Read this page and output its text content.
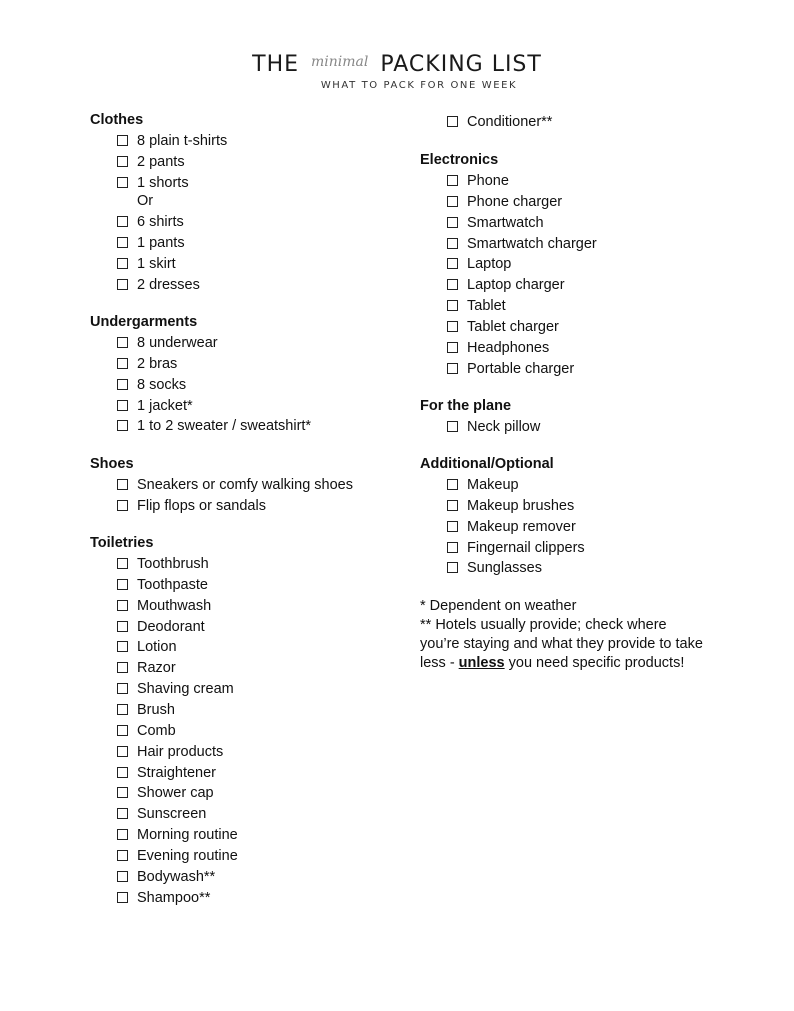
THE $^{minimal}$ PACKING LIST
WHAT TO PACK FOR ONE WEEK
Clothes
8 plain t-shirts
2 pants
1 shorts
Or
6 shirts
1 pants
1 skirt
2 dresses
Undergarments
8 underwear
2 bras
8 socks
1 jacket*
1 to 2 sweater / sweatshirt*
Shoes
Sneakers or comfy walking shoes
Flip flops or sandals
Toiletries
Toothbrush
Toothpaste
Mouthwash
Deodorant
Lotion
Razor
Shaving cream
Brush
Comb
Hair products
Straightener
Shower cap
Sunscreen
Morning routine
Evening routine
Bodywash**
Shampoo**
Conditioner**
Electronics
Phone
Phone charger
Smartwatch
Smartwatch charger
Laptop
Laptop charger
Tablet
Tablet charger
Headphones
Portable charger
For the plane
Neck pillow
Additional/Optional
Makeup
Makeup brushes
Makeup remover
Fingernail clippers
Sunglasses
* Dependent on weather
** Hotels usually provide; check where
you’re staying and what they provide to take
less - unless you need specific products!
